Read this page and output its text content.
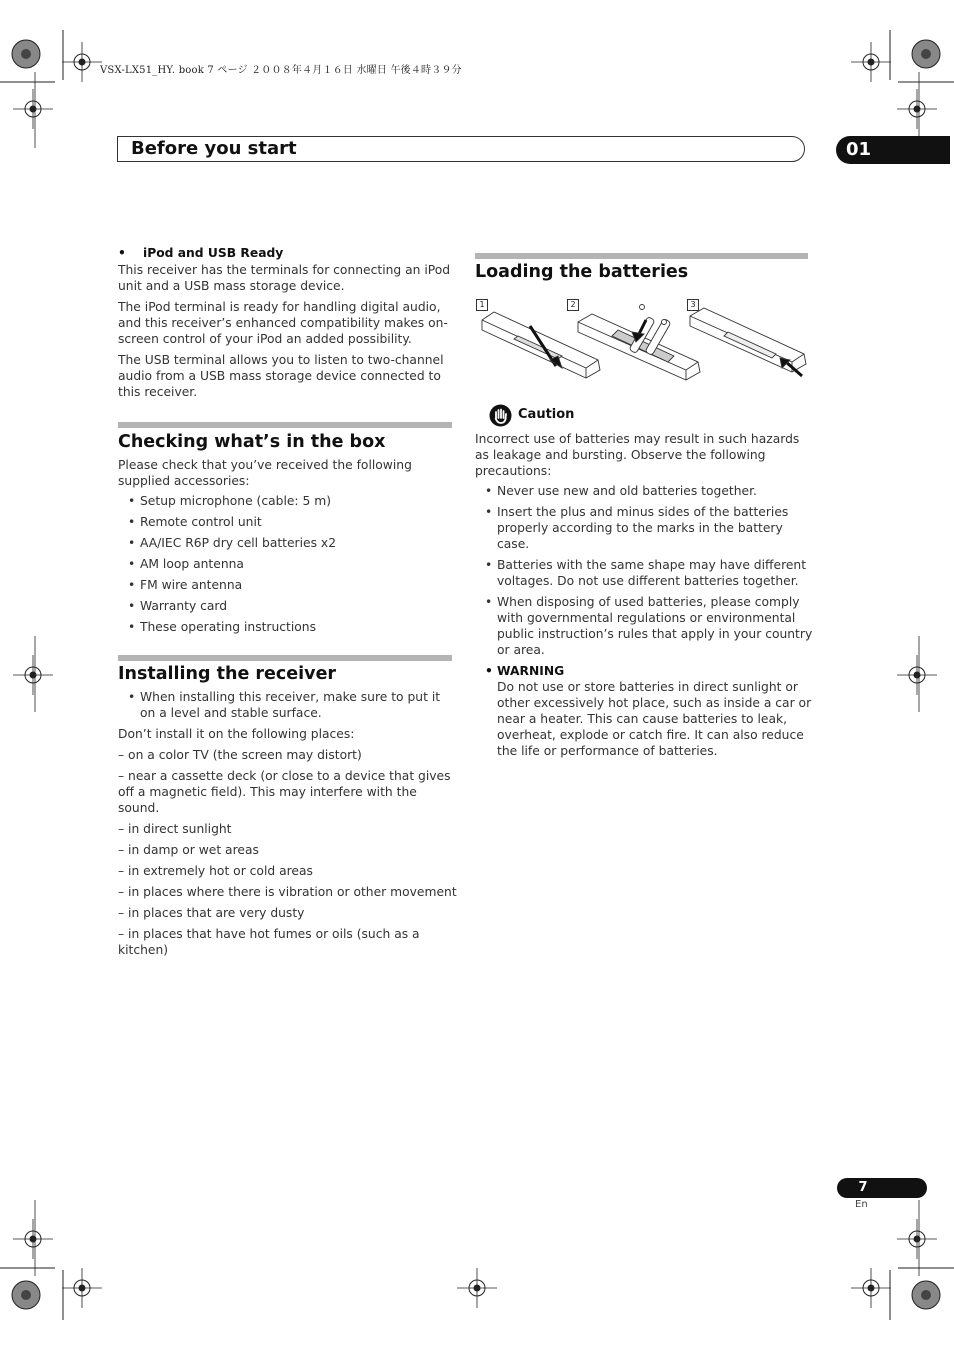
VSX-LX51_HY. book 7 ページ ２００８年４月１６日 水曜日 午後４時３９分
Before you start	01
• iPod and USB Ready

This receiver has the terminals for connecting an iPod unit and a USB mass storage device.

The iPod terminal is ready for handling digital audio, and this receiver’s enhanced compatibility makes on-screen control of your iPod an added possibility.

The USB terminal allows you to listen to two-channel audio from a USB mass storage device connected to this receiver.

Checking what’s in the box

Please check that you’ve received the following supplied accessories:

• Setup microphone (cable: 5 m)
• Remote control unit
• AA/IEC R6P dry cell batteries x2
• AM loop antenna
• FM wire antenna
• Warranty card
• These operating instructions
Installing the receiver
• When installing this receiver, make sure to put it on a level and stable surface.

Don’t install it on the following places:

– on a color TV (the screen may distort)

– near a cassette deck (or close to a device that gives off a magnetic field). This may interfere with the sound.

– in direct sunlight

– in damp or wet areas

– in extremely hot or cold areas

– in places where there is vibration or other movement

– in places that are very dusty

– in places that have hot fumes or oils (such as a kitchen)

Loading the batteries
1	2	3
Caution

Incorrect use of batteries may result in such hazards as leakage and bursting. Observe the following precautions:

• Never use new and old batteries together.
• Insert the plus and minus sides of the batteries properly according to the marks in the battery case.
• Batteries with the same shape may have different voltages. Do not use different batteries together.
• When disposing of used batteries, please comply with governmental regulations or environmental public instruction’s rules that apply in your country or area.
• WARNING

Do not use or store batteries in direct sunlight or other excessively hot place, such as inside a car or near a heater. This can cause batteries to leak, overheat, explode or catch fire. It can also reduce the life or performance of batteries.

7
En
